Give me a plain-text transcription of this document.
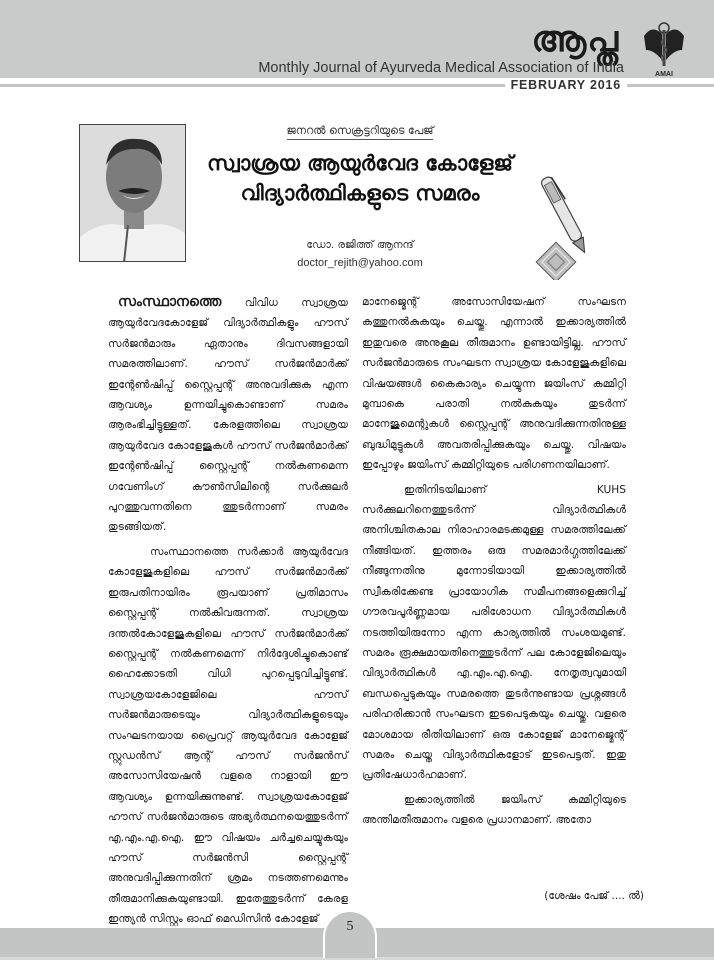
ആപ്ത
Monthly Journal of Ayurveda Medical Association of India	AMAI
FEBRUARY 2016
ജനറൽ സെക്രട്ടറിയുടെ പേജ്
സ്വാശ്രയ ആയുർവേദ കോളേജ്
വിദ്യാർത്ഥികളുടെ സമരം
ഡോ. രജിത്ത് ആനന്ദ്
doctor_rejith@yahoo.com

സംസ്ഥാനത്തെ വിവിധ സ്വാശ്രയ ആയുർവേദകോളേജ് വിദ്യാർത്ഥികളും ഹൗസ് സർജൻമാരും ഏതാനും ദിവസങ്ങളായി സമരത്തിലാണ്. ഹൗസ് സർജൻമാർക്ക് ഇന്റേൺഷിപ്പ് സ്റ്റൈപ്പന്റ് അനുവദിക്കുക എന്ന ആവശ്യം ഉന്നയിച്ചുകൊണ്ടാണ് സമരം ആരംഭിച്ചിട്ടുള്ളത്. കേരളത്തിലെ സ്വാശ്രയ ആയുർവേദ കോളേജുകൾ ഹൗസ് സർജൻമാർക്ക് ഇന്റേൺഷിപ്പ് സ്റ്റൈപ്പന്റ് നൽകണമെന്ന ഗവേണിംഗ് കൗൺസിലിന്റെ സർക്കുലർ പുറത്തുവന്നതിനെ ത്തുടർന്നാണ് സമരം തുടങ്ങിയത്.

സംസ്ഥാനത്തെ സർക്കാർ ആയുർവേദ കോളേജുകളിലെ ഹൗസ് സർജൻമാർക്ക് ഇരുപതിനായിരം രൂപയാണ് പ്രതിമാസം സ്റ്റൈപ്പന്റ് നൽകിവരുന്നത്. സ്വാശ്രയ ദന്തൽകോളേജുകളിലെ ഹൗസ് സർജൻമാർക്ക് സ്റ്റൈപ്പന്റ് നൽകണമെന്ന് നിർദ്ദേശിച്ചുകൊണ്ട് ഹൈക്കോടതി വിധി പുറപ്പെടുവിച്ചിട്ടുണ്ട്. സ്വാശ്രയകോളേജിലെ ഹൗസ് സർജൻമാരുടെയും വിദ്യാർത്ഥികളുടെയും സംഘടനയായ പ്രൈവറ്റ് ആയുർവേദ കോളേജ് സ്റ്റുഡൻസ് ആന്റ് ഹൗസ് സർജൻസ് അസോസിയേഷൻ വളരെ നാളായി ഈ ആവശ്യം ഉന്നയിക്കുന്നുണ്ട്. സ്വാശ്രയകോളേജ് ഹൗസ് സർജൻമാരുടെ അഭ്യർത്ഥനയെത്തുടർന്ന് എ.എം.എ.ഐ. ഈ വിഷയം ചർച്ചചെയ്യുകയും ഹൗസ് സർജൻസി സ്റ്റൈപ്പന്റ് അനുവദിപ്പിക്കുന്നതിന് ശ്രമം നടത്തണമെന്നും തീരുമാനിക്കുകയുണ്ടായി. ഇതേത്തുടർന്ന് കേരള ഇന്ത്യൻ സിസ്റ്റം ഓഫ് മെഡിസിൻ കോളേജ്

മാനേജ്മെന്റ് അസോസിയേഷന് സംഘടന കത്തുനൽകുകയും ചെയ്തു. എന്നാൽ ഇക്കാര്യത്തിൽ ഇതുവരെ അനുകൂല തീരുമാനം ഉണ്ടായിട്ടില്ല. ഹൗസ് സർജൻമാരുടെ സംഘടന സ്വാശ്രയ കോളേജുകളിലെ വിഷയങ്ങൾ കൈകാര്യം ചെയ്യുന്ന ജയിംസ് കമ്മിറ്റി മുമ്പാകെ പരാതി നൽകുകയും തുടർന്ന് മാനേജുമെന്റുകൾ സ്റ്റൈപ്പന്റ് അനുവദിക്കുന്നതിനുള്ള ബുദ്ധിമുട്ടുകൾ അവതരിപ്പിക്കുകയും ചെയ്തു. വിഷയം ഇപ്പോഴും ജയിംസ് കമ്മിറ്റിയുടെ പരിഗണനയിലാണ്.

ഇതിനിടയിലാണ് KUHS സർക്കുലറിനെത്തുടർന്ന് വിദ്യാർത്ഥികൾ അനിശ്ചിതകാല നിരാഹാരമടക്കമുള്ള സമരത്തിലേക്ക് നീങ്ങിയത്. ഇത്തരം ഒരു സമരമാർഗ്ഗത്തിലേക്ക് നീങ്ങുന്നതിനു മുന്നോടിയായി ഇക്കാര്യത്തിൽ സ്വീകരിക്കേണ്ട പ്രായോഗിക സമീപനങ്ങളെക്കുറിച്ച് ഗൗരവപൂർണ്ണമായ പരിശോധന വിദ്യാർത്ഥികൾ നടത്തിയിരുന്നോ എന്ന കാര്യത്തിൽ സംശയമുണ്ട്. സമരം രൂക്ഷമായതിനെത്തുടർന്ന് പല കോളേജിലെയും വിദ്യാർത്ഥികൾ എ.എം.എ.ഐ. നേതൃത്വവുമായി ബന്ധപ്പെടുകയും സമരത്തെ തുടർന്നുണ്ടായ പ്രശ്നങ്ങൾ പരിഹരിക്കാൻ സംഘടന ഇടപെടുകയും ചെയ്തു. വളരെ മോശമായ രീതിയിലാണ് ഒരു കോളേജ് മാനേജ്മെന്റ് സമരം ചെയ്ത വിദ്യാർത്ഥികളോട് ഇടപെട്ടത്. ഇതു പ്രതിഷേധാർഹമാണ്.

ഇക്കാര്യത്തിൽ ജയിംസ് കമ്മിറ്റിയുടെ അന്തിമതീരുമാനം വളരെ പ്രധാനമാണ്. അതോ

(ശേഷം പേജ് .... ൽ)
5
